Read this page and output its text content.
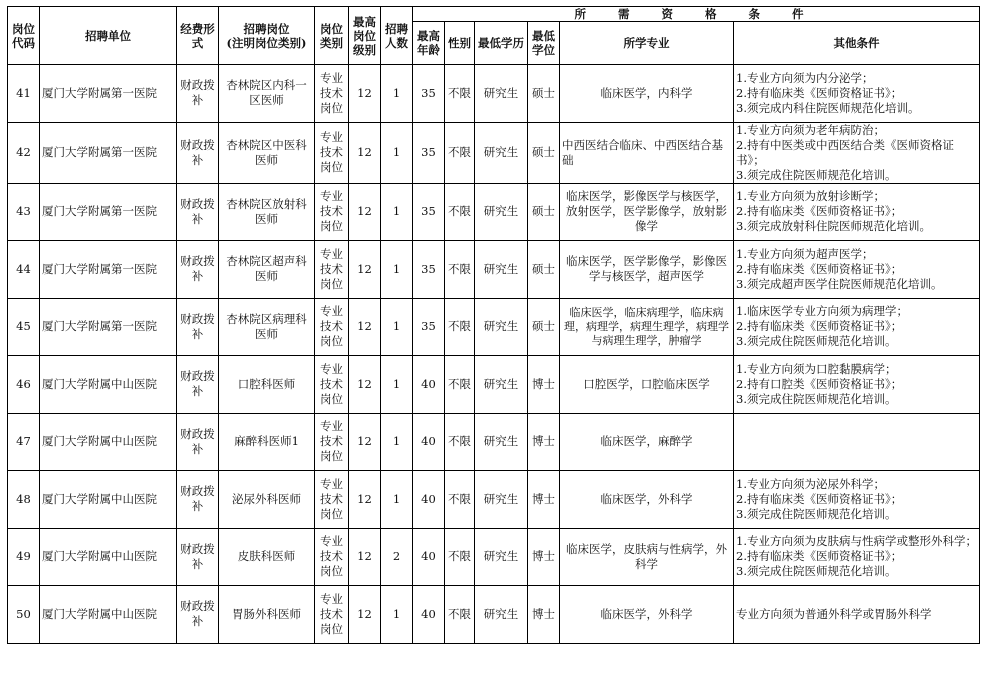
岗位代码	招聘单位	经费形式	招聘岗位
(注明岗位类别)	岗位类别	最高岗位级别	招聘人数	所 需 资 格 条 件					
							最高年龄	性别	最低学历	最低学位	所学专业	其他条件
41	厦门大学附属第一医院	财政拨补	杏林院区内科一区医师	专业技术岗位	12	1	35	不限	研究生	硕士	临床医学，内科学	1.专业方向须为内分泌学；
2.持有临床类《医师资格证书》；
3.须完成内科住院医师规范化培训。
42	厦门大学附属第一医院	财政拨补	杏林院区中医科医师	专业技术岗位	12	1	35	不限	研究生	硕士	中西医结合临床、中西医结合基础	1.专业方向须为老年病防治；
2.持有中医类或中西医结合类《医师资格证书》；
3.须完成住院医师规范化培训。
43	厦门大学附属第一医院	财政拨补	杏林院区放射科医师	专业技术岗位	12	1	35	不限	研究生	硕士	临床医学，影像医学与核医学，放射医学，医学影像学，放射影像学	1.专业方向须为放射诊断学；
2.持有临床类《医师资格证书》；
3.须完成放射科住院医师规范化培训。
44	厦门大学附属第一医院	财政拨补	杏林院区超声科医师	专业技术岗位	12	1	35	不限	研究生	硕士	临床医学，医学影像学，影像医学与核医学，超声医学	1.专业方向须为超声医学；
2.持有临床类《医师资格证书》；
3.须完成超声医学住院医师规范化培训。
45	厦门大学附属第一医院	财政拨补	杏林院区病理科医师	专业技术岗位	12	1	35	不限	研究生	硕士	临床医学，临床病理学，临床病理，病理学，病理生理学，病理学与病理生理学，肿瘤学	1.临床医学专业方向须为病理学；
2.持有临床类《医师资格证书》；
3.须完成住院医师规范化培训。
46	厦门大学附属中山医院	财政拨补	口腔科医师	专业技术岗位	12	1	40	不限	研究生	博士	口腔医学，口腔临床医学	1.专业方向须为口腔黏膜病学；
2.持有口腔类《医师资格证书》；
3.须完成住院医师规范化培训。
47	厦门大学附属中山医院	财政拨补	麻醉科医师1	专业技术岗位	12	1	40	不限	研究生	博士	临床医学，麻醉学	
48	厦门大学附属中山医院	财政拨补	泌尿外科医师	专业技术岗位	12	1	40	不限	研究生	博士	临床医学，外科学	1.专业方向须为泌尿外科学；
2.持有临床类《医师资格证书》；
3.须完成住院医师规范化培训。
49	厦门大学附属中山医院	财政拨补	皮肤科医师	专业技术岗位	12	2	40	不限	研究生	博士	临床医学，皮肤病与性病学，外科学	1.专业方向须为皮肤病与性病学或整形外科学；
2.持有临床类《医师资格证书》；
3.须完成住院医师规范化培训。
50	厦门大学附属中山医院	财政拨补	胃肠外科医师	专业技术岗位	12	1	40	不限	研究生	博士	临床医学，外科学	专业方向须为普通外科学或胃肠外科学
